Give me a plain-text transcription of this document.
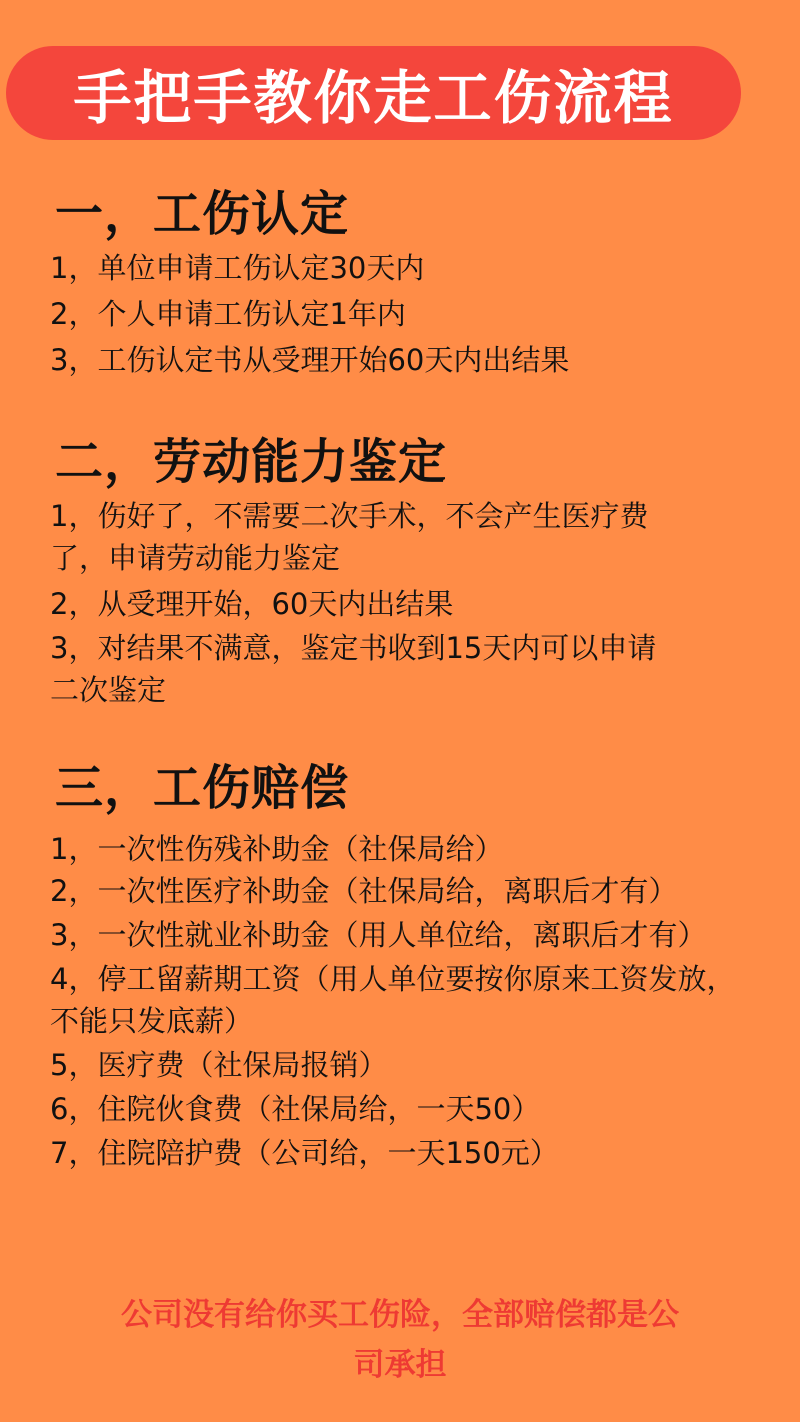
手把手教你走工伤流程
一，工伤认定
1，单位申请工伤认定30天内
2，个人申请工伤认定1年内
3，工伤认定书从受理开始60天内出结果
二，劳动能力鉴定
1，伤好了，不需要二次手术，不会产生医疗费
了，申请劳动能力鉴定
2，从受理开始，60天内出结果
3，对结果不满意，鉴定书收到15天内可以申请
二次鉴定
三，工伤赔偿
1，一次性伤残补助金（社保局给）
2，一次性医疗补助金（社保局给，离职后才有）
3，一次性就业补助金（用人单位给，离职后才有）
4，停工留薪期工资（用人单位要按你原来工资发放，
不能只发底薪）
5，医疗费（社保局报销）
6，住院伙食费（社保局给，一天50）
7，住院陪护费（公司给，一天150元）
公司没有给你买工伤险，全部赔偿都是公
司承担
